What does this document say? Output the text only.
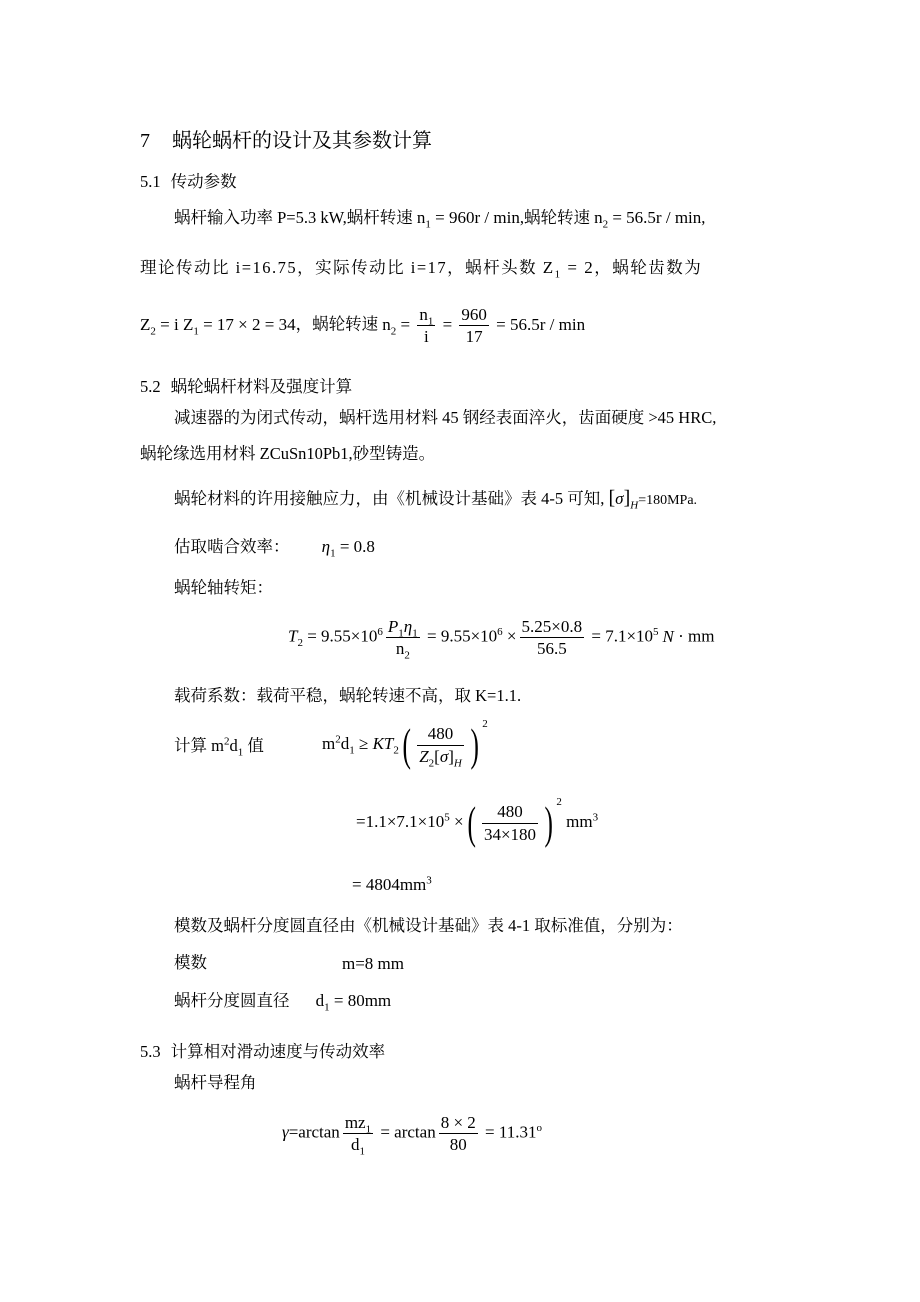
7 蜗轮蜗杆的设计及其参数计算
5.1 传动参数
蜗杆输入功率 P=5.3 kW,蜗杆转速 $n_1 = 960r / \min$,蜗轮转速 $n_2 = 56.5r / \min$,
理论传动比 i=16.75，实际传动比 i=17，蜗杆头数 $Z_1 = 2$，蜗轮齿数为
$Z_2 = i$ $Z_1 = 17 \times 2 = 34$，蜗轮转速 $n_2 = \frac{n_1}{i} = \frac{960}{17} = 56.5r / \min$
5.2 蜗轮蜗杆材料及强度计算
减速器的为闭式传动，蜗杆选用材料 45 钢经表面淬火，齿面硬度 >45 HRC,
蜗轮缘选用材料 ZCuSn10Pb1,砂型铸造。
蜗轮材料的许用接触应力，由《机械设计基础》表 4-5 可知, $[\sigma]_H=180MPa$.
估取啮合效率： $\eta_1 = 0.8$
蜗轮轴转矩：
$T_2 = 9.55\times 10^6 \frac{P_1\eta_1}{n_2} = 9.55\times 10^6 \times \frac{5.25\times 0.8}{56.5} = 7.1\times 10^5$ N · mm
载荷系数：载荷平稳，蜗轮转速不高，取 K=1.1.
计算 $m^2d_1$ 值	$m^2d_1 \ge KT_2( \frac{480}{Z_2[\sigma]_H}$ ) $^2$
$=1.1\times 7.1\times 10^5$ ×( $\frac{480}{34\times 180}$ ) $^2$ $mm^3$
= $4804mm^3$
模数及蜗杆分度圆直径由《机械设计基础》表 4-1 取标准值，分别为：
模数	m=8 mm
蜗杆分度圆直径 $d_1 = 80mm$
5.3 计算相对滑动速度与传动效率
蜗杆导程角
$\gamma=\arctan \frac{mz_1}{d_1} = \arctan \frac{8 \times 2}{80} = 11.31^o$
